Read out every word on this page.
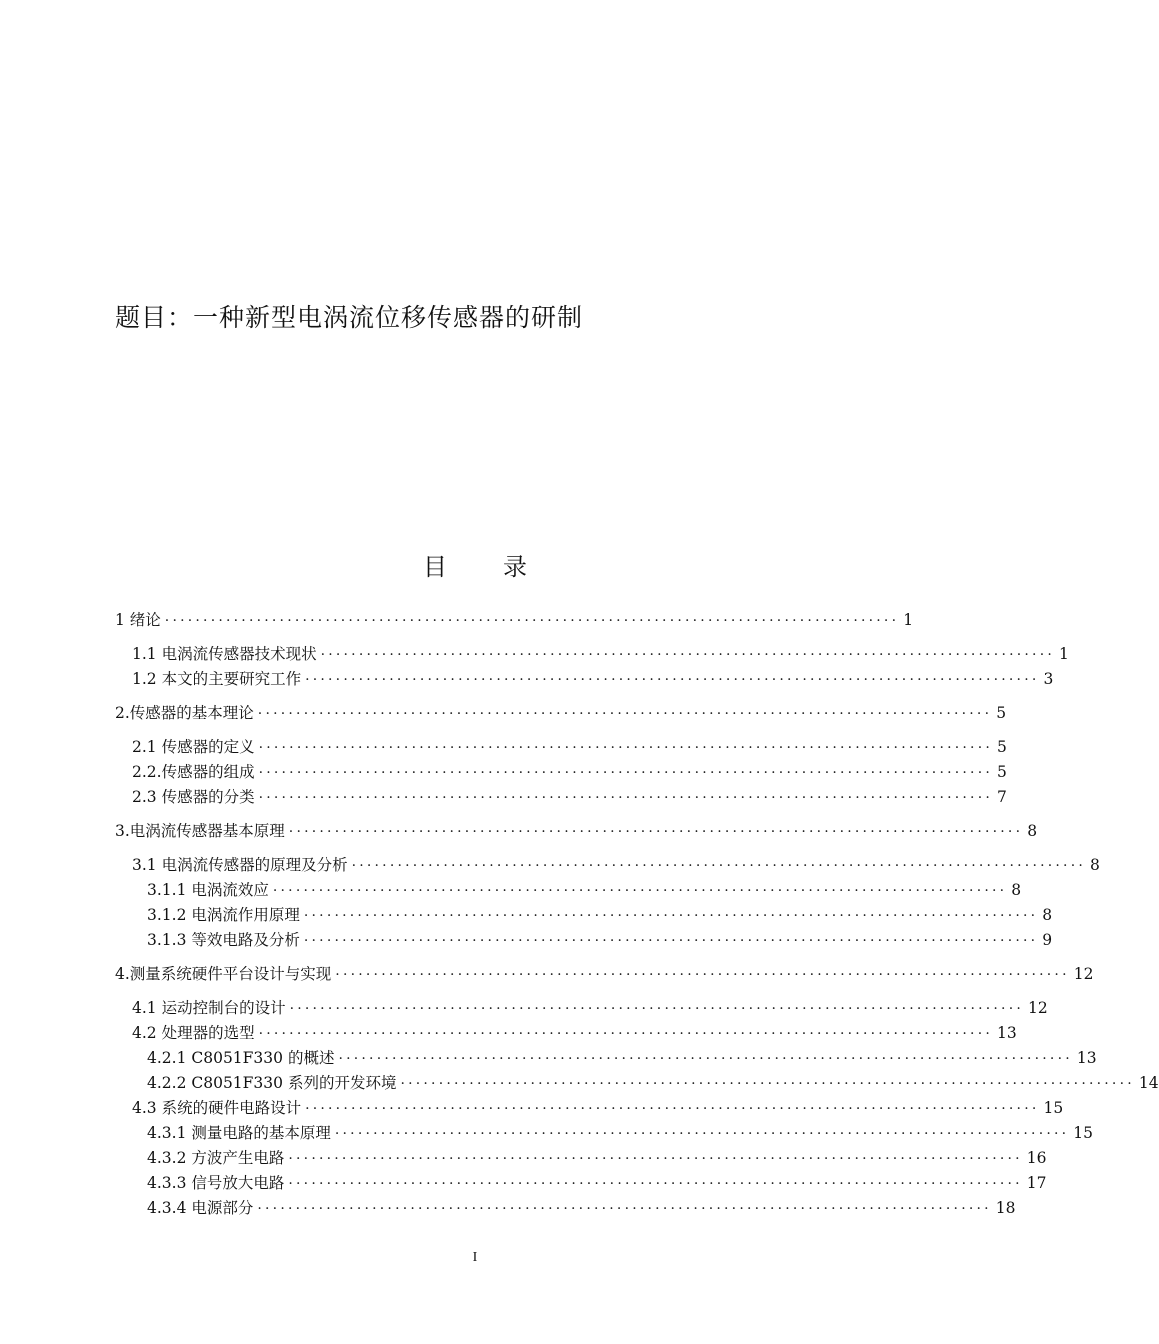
题目：一种新型电涡流位移传感器的研制
目 录
1 绪论 ································································································ 1
1.1 电涡流传感器技术现状 ································································································ 1
1.2 本文的主要研究工作 ································································································ 3
2.传感器的基本理论 ································································································ 5
2.1 传感器的定义 ································································································ 5
2.2.传感器的组成 ································································································ 5
2.3 传感器的分类 ································································································ 7
3.电涡流传感器基本原理 ································································································ 8
3.1 电涡流传感器的原理及分析 ································································································ 8
3.1.1 电涡流效应 ································································································ 8
3.1.2 电涡流作用原理 ································································································ 8
3.1.3 等效电路及分析 ································································································ 9
4.测量系统硬件平台设计与实现 ································································································ 12
4.1 运动控制台的设计 ································································································ 12
4.2 处理器的选型 ································································································ 13
4.2.1 C8051F330 的概述 ································································································ 13
4.2.2 C8051F330 系列的开发环境 ································································································ 14
4.3 系统的硬件电路设计 ································································································ 15
4.3.1 测量电路的基本原理 ································································································ 15
4.3.2 方波产生电路 ································································································ 16
4.3.3 信号放大电路 ································································································ 17
4.3.4 电源部分 ································································································ 18
I
